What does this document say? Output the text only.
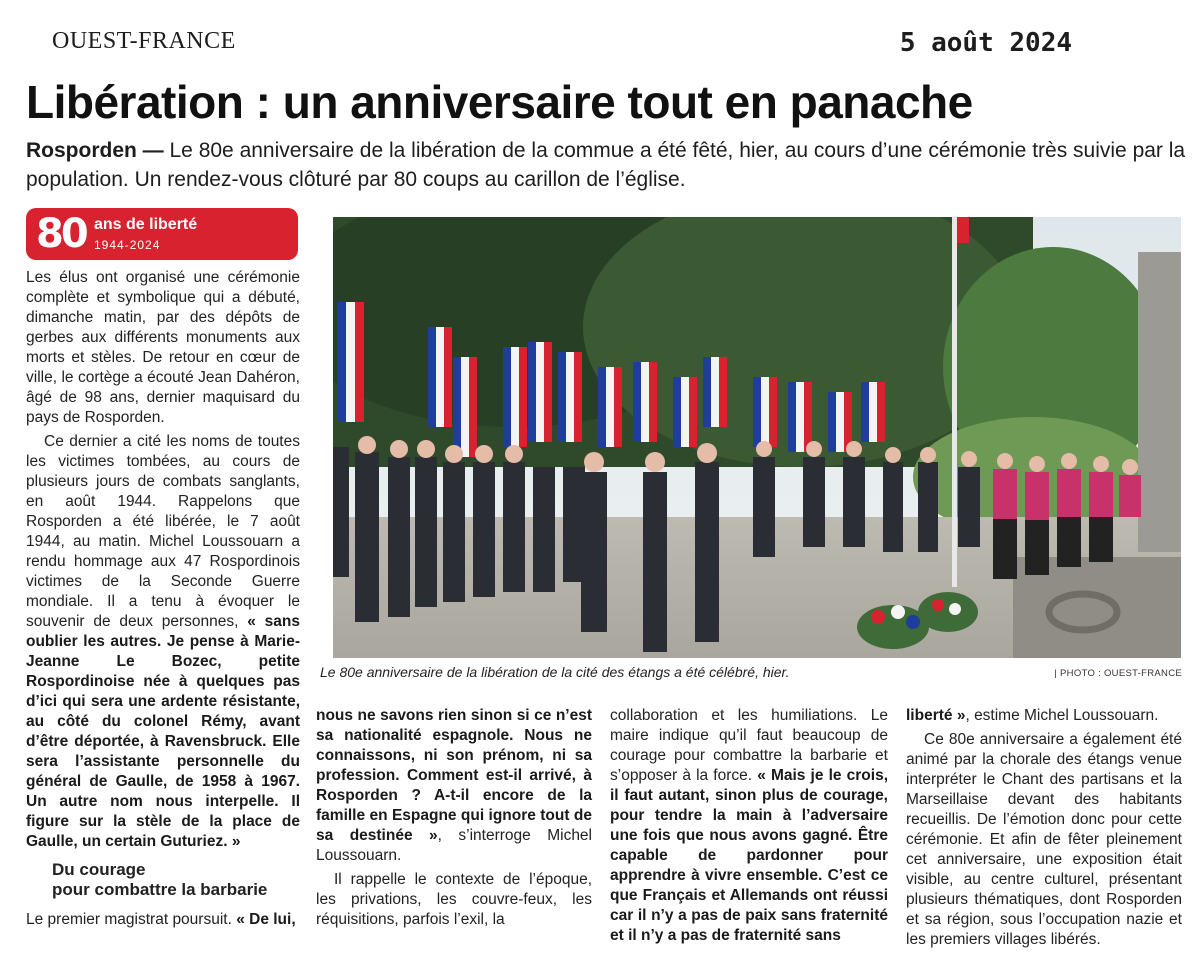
OUEST-FRANCE	5 août 2024
Libération : un anniversaire tout en panache
Rosporden — Le 80e anniversaire de la libération de la commue a été fêté, hier, au cours d’une cérémonie très suivie par la population. Un rendez-vous clôturé par 80 coups au carillon de l’église.
80 ans de liberté
1944-2024

Les élus ont organisé une cérémonie complète et symbolique qui a débuté, dimanche matin, par des dépôts de gerbes aux différents monuments aux morts et stèles. De retour en cœur de ville, le cortège a écouté Jean Dahéron, âgé de 98 ans, dernier maquisard du pays de Rosporden.

Ce dernier a cité les noms de toutes les victimes tombées, au cours de plusieurs jours de combats sanglants, en août 1944. Rappelons que Rosporden a été libérée, le 7 août 1944, au matin. Michel Loussouarn a rendu hommage aux 47 Rospordinois victimes de la Seconde Guerre mondiale. Il a tenu à évoquer le souvenir de deux personnes, « sans oublier les autres. Je pense à Marie-Jeanne Le Bozec, petite Rospordinoise née à quelques pas d’ici qui sera une ardente résistante, au côté du colonel Rémy, avant d’être déportée, à Ravensbruck. Elle sera l’assistante personnelle du général de Gaulle, de 1958 à 1967. Un autre nom nous interpelle. Il figure sur la stèle de la place de Gaulle, un certain Guturiez. »

Du courage
pour combattre la barbarie

Le premier magistrat poursuit. « De lui,

nous ne savons rien sinon si ce n’est sa nationalité espagnole. Nous ne connaissons, ni son prénom, ni sa profession. Comment est-il arrivé, à Rosporden ? A-t-il encore de la famille en Espagne qui ignore tout de sa destinée », s’interroge Michel Loussouarn.

Il rappelle le contexte de l’époque, les privations, les couvre-feux, les réquisitions, parfois l’exil, la

collaboration et les humiliations. Le maire indique qu’il faut beaucoup de courage pour combattre la barbarie et s’opposer à la force. « Mais je le crois, il faut autant, sinon plus de courage, pour tendre la main à l’adversaire une fois que nous avons gagné. Être capable de pardonner pour apprendre à vivre ensemble. C’est ce que Français et Allemands ont réussi car il n’y a pas de paix sans fraternité et il n’y a pas de fraternité sans

liberté », estime Michel Loussouarn.

Ce 80e anniversaire a également été animé par la chorale des étangs venue interpréter le Chant des partisans et la Marseillaise devant des habitants recueillis. De l’émotion donc pour cette cérémonie. Et afin de fêter pleinement cet anniversaire, une exposition était visible, au centre culturel, présentant plusieurs thématiques, dont Rosporden et sa région, sous l’occupation nazie et les premiers villages libérés.

Le 80e anniversaire de la libération de la cité des étangs a été célébré, hier.	| PHOTO : OUEST-FRANCE
